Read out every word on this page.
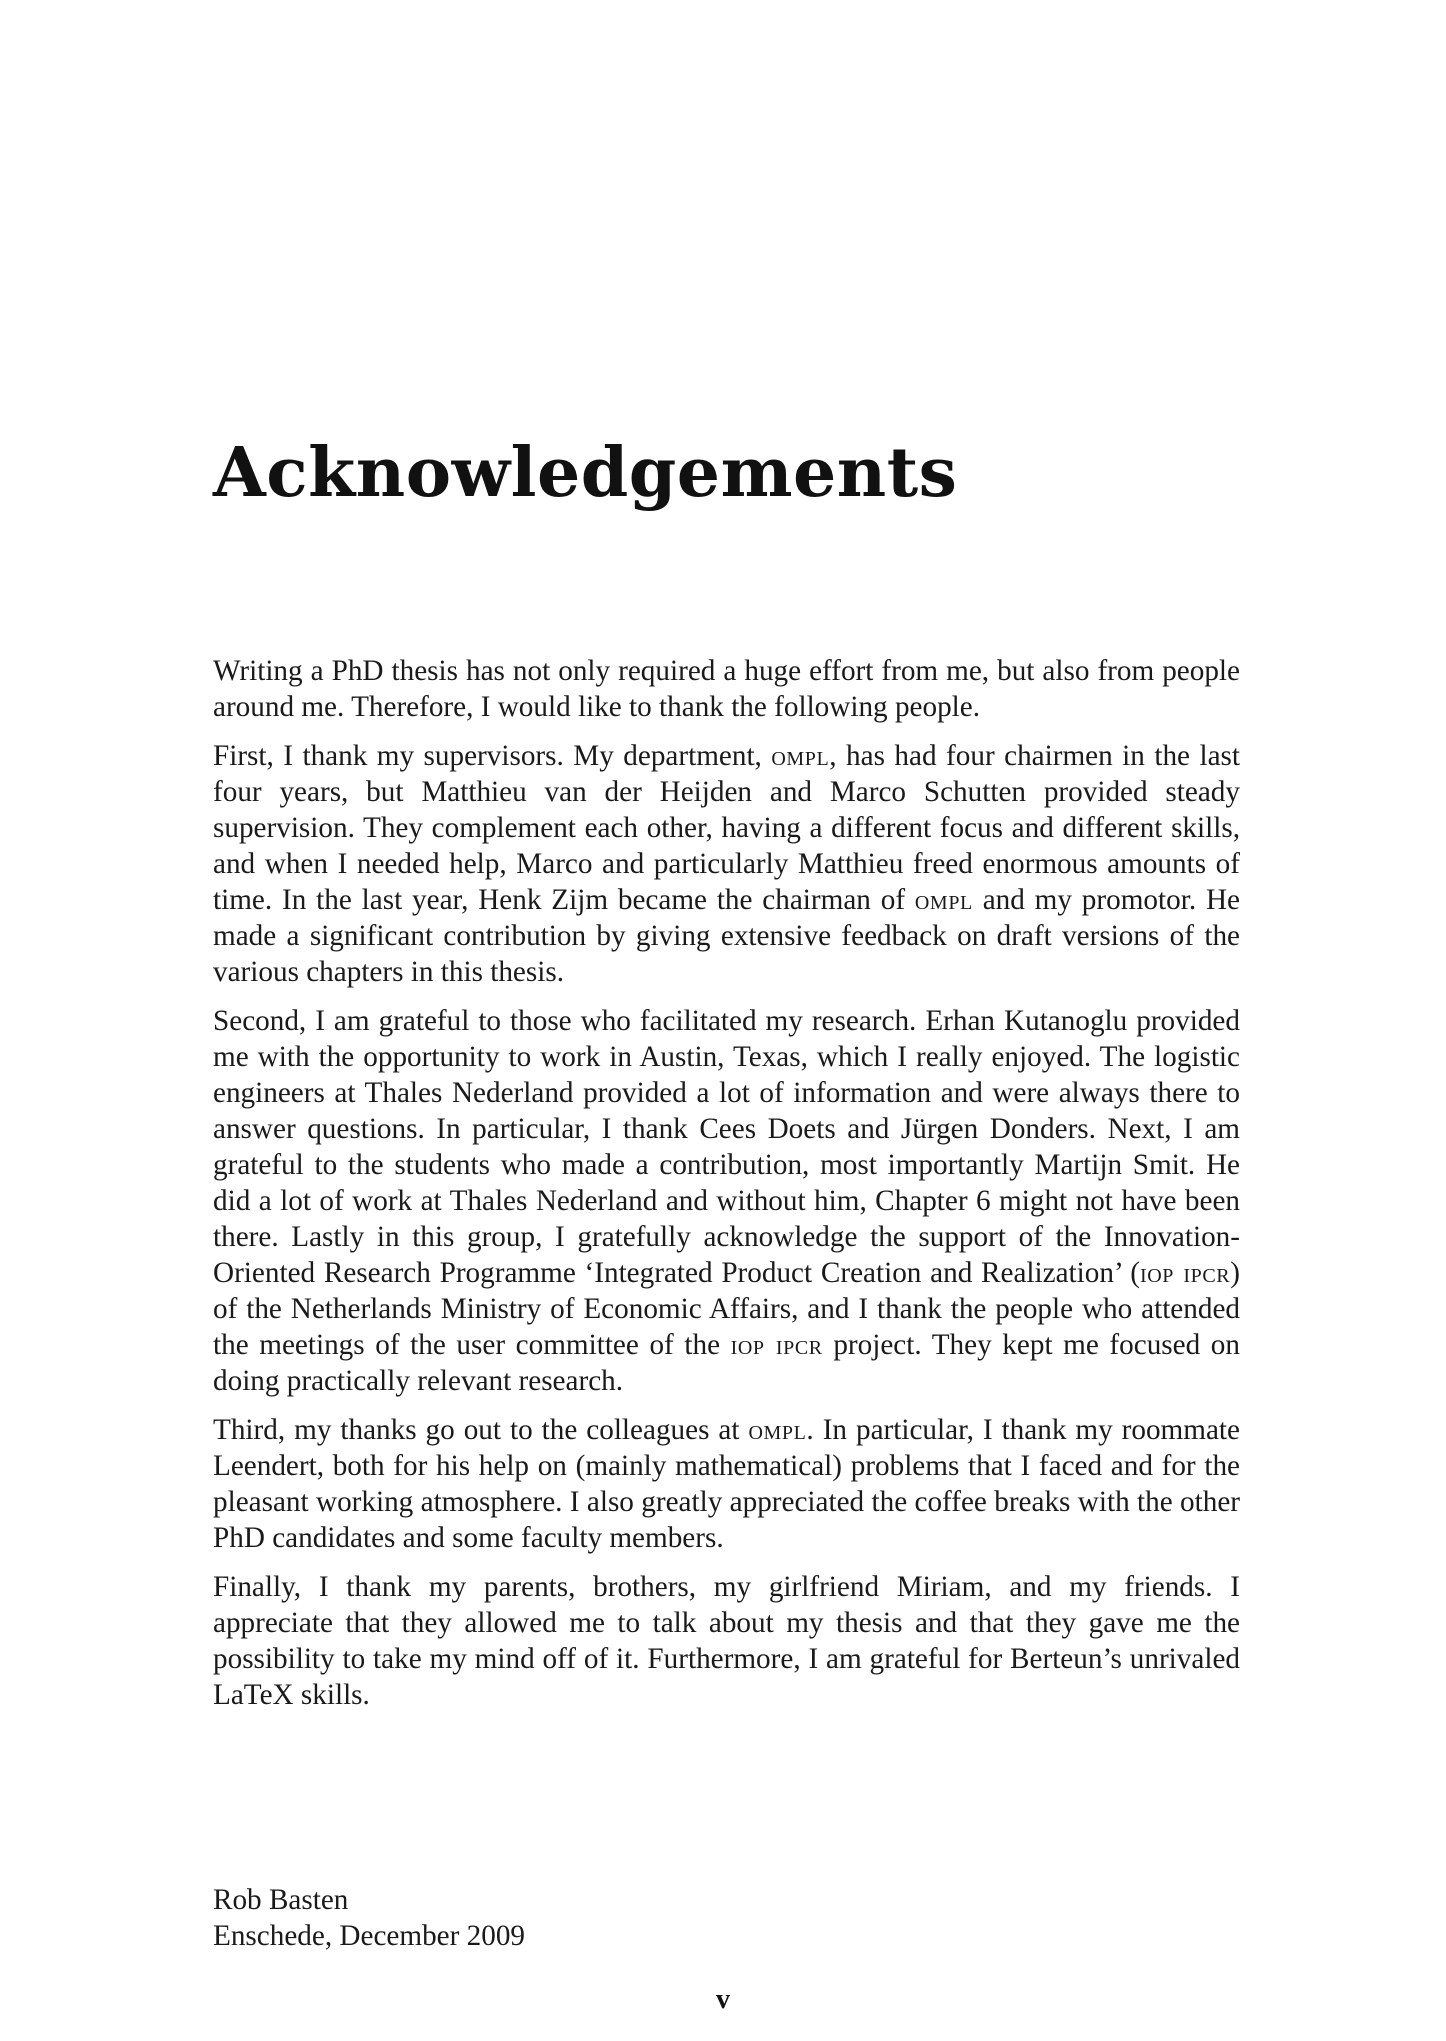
Acknowledgements

Writing a PhD thesis has not only required a huge effort from me, but also from people around me. Therefore, I would like to thank the following people.

First, I thank my supervisors. My department, ompl, has had four chairmen in the last four years, but Matthieu van der Heijden and Marco Schutten provided steady supervision. They complement each other, having a different focus and different skills, and when I needed help, Marco and particularly Matthieu freed enormous amounts of time. In the last year, Henk Zijm became the chairman of ompl and my promotor. He made a significant contribution by giving extensive feedback on draft versions of the various chapters in this thesis.

Second, I am grateful to those who facilitated my research. Erhan Kutanoglu provided me with the opportunity to work in Austin, Texas, which I really enjoyed. The logistic engineers at Thales Nederland provided a lot of information and were always there to answer questions. In particular, I thank Cees Doets and Jürgen Donders. Next, I am grateful to the students who made a contribution, most importantly Martijn Smit. He did a lot of work at Thales Nederland and without him, Chapter 6 might not have been there. Lastly in this group, I gratefully acknowledge the support of the Innovation-Oriented Research Programme ‘Integrated Product Creation and Realization’ (iop ipcr) of the Netherlands Ministry of Economic Affairs, and I thank the people who attended the meetings of the user committee of the iop ipcr project. They kept me focused on doing practically relevant research.

Third, my thanks go out to the colleagues at ompl. In particular, I thank my roommate Leendert, both for his help on (mainly mathematical) problems that I faced and for the pleasant working atmosphere. I also greatly appreciated the coffee breaks with the other PhD candidates and some faculty members.

Finally, I thank my parents, brothers, my girlfriend Miriam, and my friends. I appreciate that they allowed me to talk about my thesis and that they gave me the possibility to take my mind off of it. Furthermore, I am grateful for Berteun’s unrivaled LaTeX skills.

Rob Basten
Enschede, December 2009
v
